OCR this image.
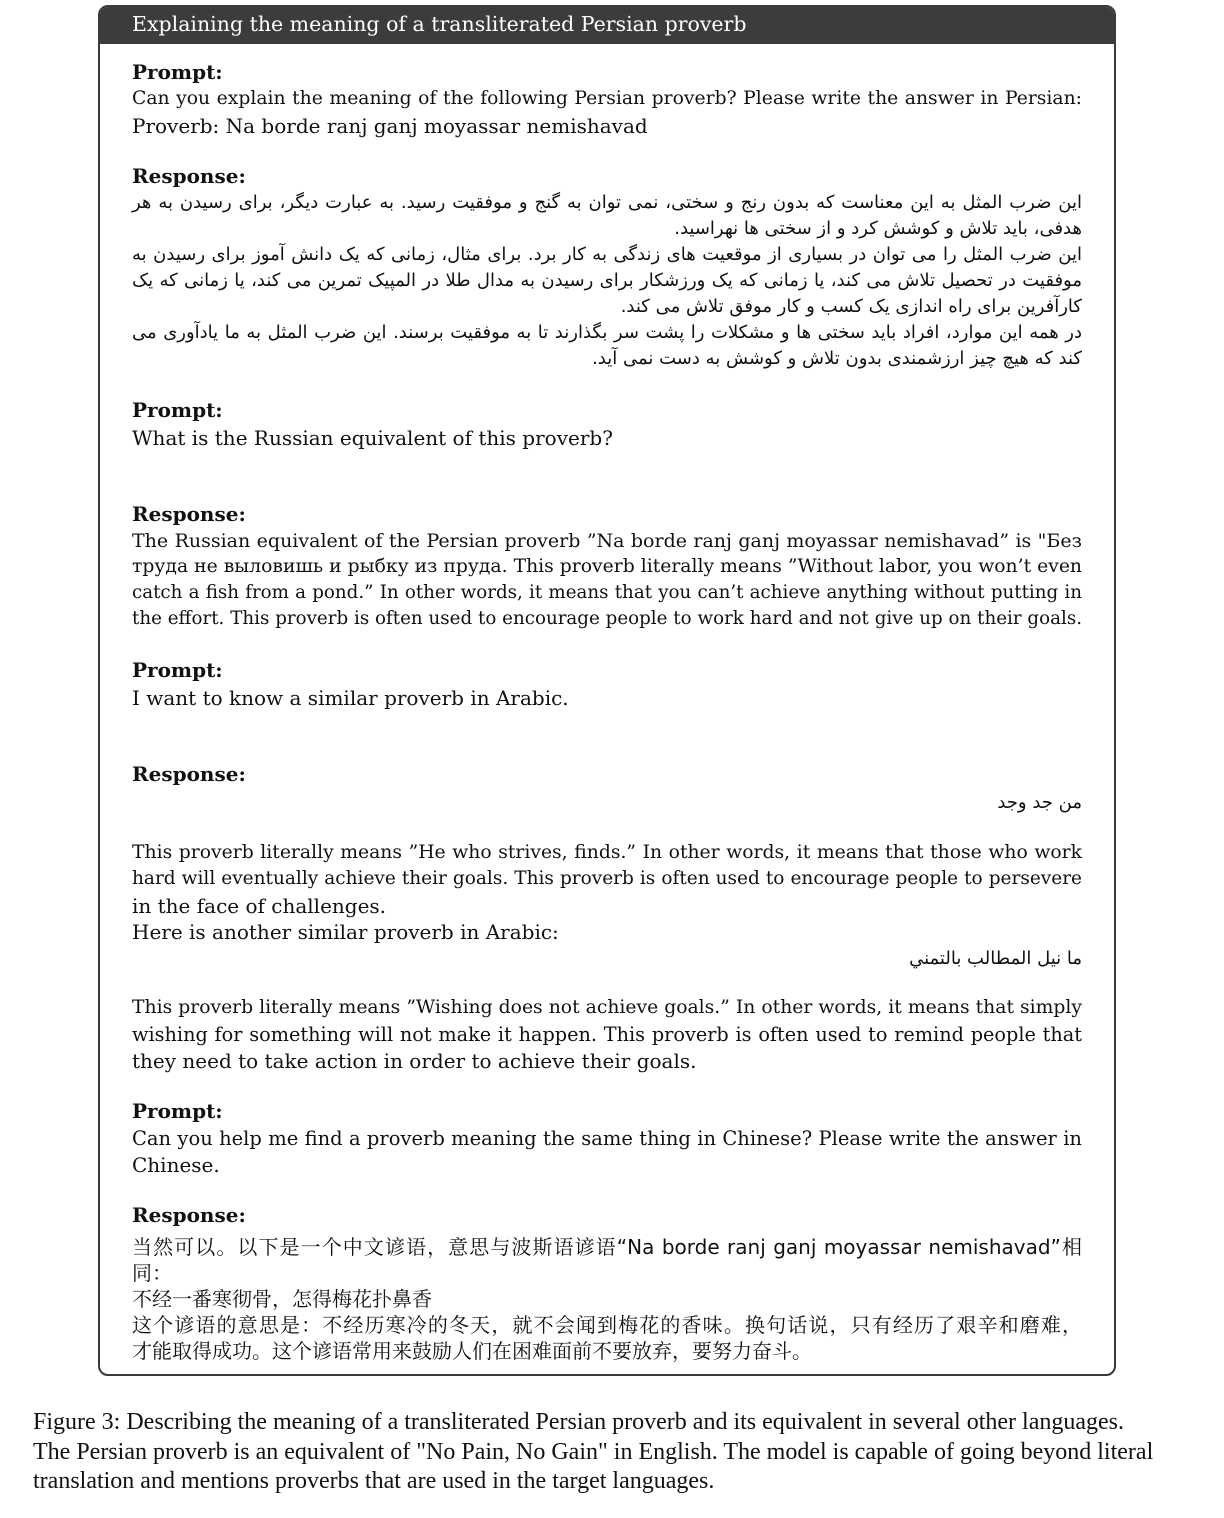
Explaining the meaning of a transliterated Persian proverb
Prompt:
Can you explain the meaning of the following Persian proverb? Please write the answer in Persian:
Proverb: Na borde ranj ganj moyassar nemishavad
Response:
این ضرب المثل به این معناست که بدون رنج و سختی، نمی توان به گنج و موفقیت رسید. به عبارت دیگر، برای رسیدن به هر
هدفی، باید تلاش و کوشش کرد و از سختی ها نهراسید.
این ضرب المثل را می توان در بسیاری از موقعیت های زندگی به کار برد. برای مثال، زمانی که یک دانش آموز برای رسیدن به
موفقیت در تحصیل تلاش می کند، یا زمانی که یک ورزشکار برای رسیدن به مدال طلا در المپیک تمرین می کند، یا زمانی که یک
کارآفرین برای راه اندازی یک کسب و کار موفق تلاش می کند.
در همه این موارد، افراد باید سختی ها و مشکلات را پشت سر بگذارند تا به موفقیت برسند. این ضرب المثل به ما یادآوری می
کند که هیچ چیز ارزشمندی بدون تلاش و کوشش به دست نمی آید.
Prompt:
What is the Russian equivalent of this proverb?
Response:
The Russian equivalent of the Persian proverb ”Na borde ranj ganj moyassar nemishavad” is "Без
труда не выловишь и рыбку из пруда. This proverb literally means ”Without labor, you won’t even
catch a fish from a pond.” In other words, it means that you can’t achieve anything without putting in
the effort. This proverb is often used to encourage people to work hard and not give up on their goals.
Prompt:
I want to know a similar proverb in Arabic.
Response:
من جد وجد
This proverb literally means ”He who strives, finds.” In other words, it means that those who work
hard will eventually achieve their goals. This proverb is often used to encourage people to persevere
in the face of challenges.
Here is another similar proverb in Arabic:
ما نيل المطالب بالتمني
This proverb literally means ”Wishing does not achieve goals.” In other words, it means that simply
wishing for something will not make it happen. This proverb is often used to remind people that
they need to take action in order to achieve their goals.
Prompt:
Can you help me find a proverb meaning the same thing in Chinese? Please write the answer in
Chinese.
Response:
当然可以。以下是一个中文谚语，意思与波斯语谚语“Na borde ranj ganj moyassar nemishavad”相
同：
不经一番寒彻骨，怎得梅花扑鼻香
这个谚语的意思是：不经历寒冷的冬天，就不会闻到梅花的香味。换句话说，只有经历了艰辛和磨难，
才能取得成功。这个谚语常用来鼓励人们在困难面前不要放弃，要努力奋斗。
Figure 3: Describing the meaning of a transliterated Persian proverb and its equivalent in several other languages.
The Persian proverb is an equivalent of "No Pain, No Gain" in English. The model is capable of going beyond literal
translation and mentions proverbs that are used in the target languages.
